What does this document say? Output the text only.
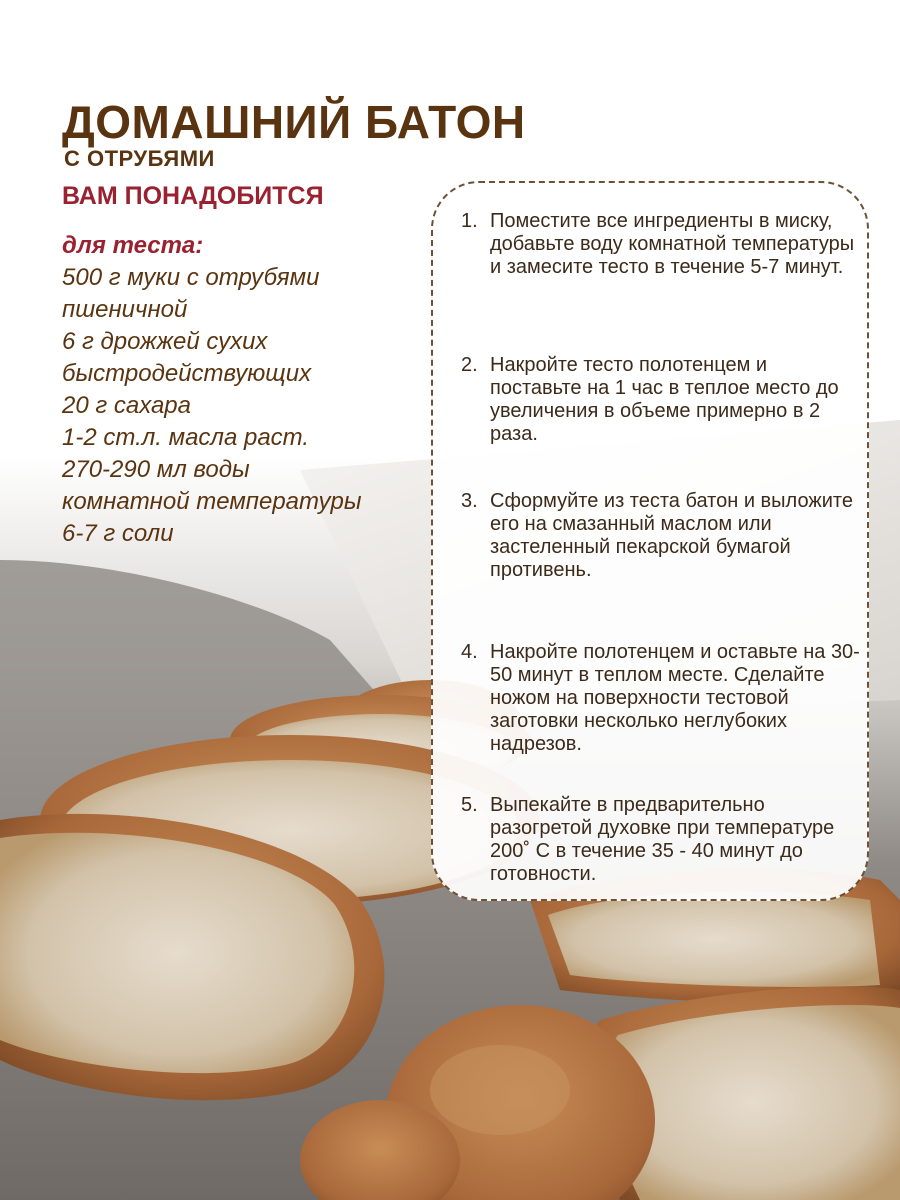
ДОМАШНИЙ БАТОН
С ОТРУБЯМИ
ВАМ ПОНАДОБИТСЯ
для теста:
500 г муки с отрубями
пшеничной
6 г дрожжей сухих
быстродействующих
20 г сахара
1-2 ст.л. масла раст.
270-290 мл воды
комнатной температуры
6-7 г соли
1. Поместите все ингредиенты в миску, добавьте воду комнатной температуры и замесите тесто в течение 5-7 минут.
2. Накройте тесто полотенцем и поставьте на 1 час в теплое место до увеличения в объеме примерно в 2 раза.
3. Сформуйте из теста батон и выложите его на смазанный маслом или застеленный пекарской бумагой противень.
4. Накройте полотенцем и оставьте на 30- 50 минут в теплом месте. Сделайте ножом на поверхности тестовой заготовки несколько неглубоких надрезов.
5. Выпекайте в предварительно разогретой духовке при температуре 200˚ С в течение 35 - 40 минут до готовности.
